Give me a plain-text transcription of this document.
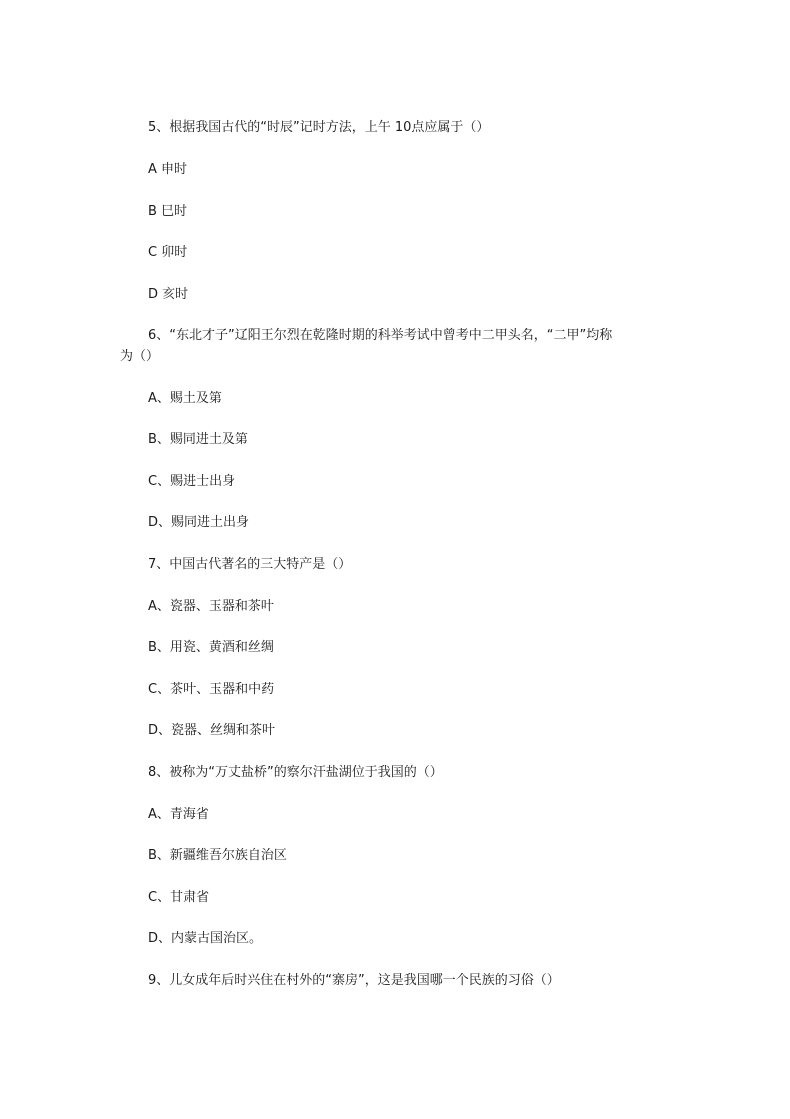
5、根据我国古代的“时辰”记时方法，上午 10点应属于（）
A 申时
B 巳时
C 卯时
D 亥时
6、“东北才子”辽阳王尔烈在乾隆时期的科举考试中曾考中二甲头名，“二甲”均称
为（）
A、赐土及第
B、赐同进土及第
C、赐进士出身
D、赐同进土出身
7、中国古代著名的三大特产是（）
A、瓷器、玉器和茶叶
B、用瓷、黄酒和丝绸
C、茶叶、玉器和中药
D、瓷器、丝绸和茶叶
8、被称为“万丈盐桥”的察尔汗盐湖位于我国的（）
A、青海省
B、新疆维吾尔族自治区
C、甘肃省
D、内蒙古国治区。
9、儿女成年后时兴住在村外的“寨房”，这是我国哪一个民族的习俗（）
